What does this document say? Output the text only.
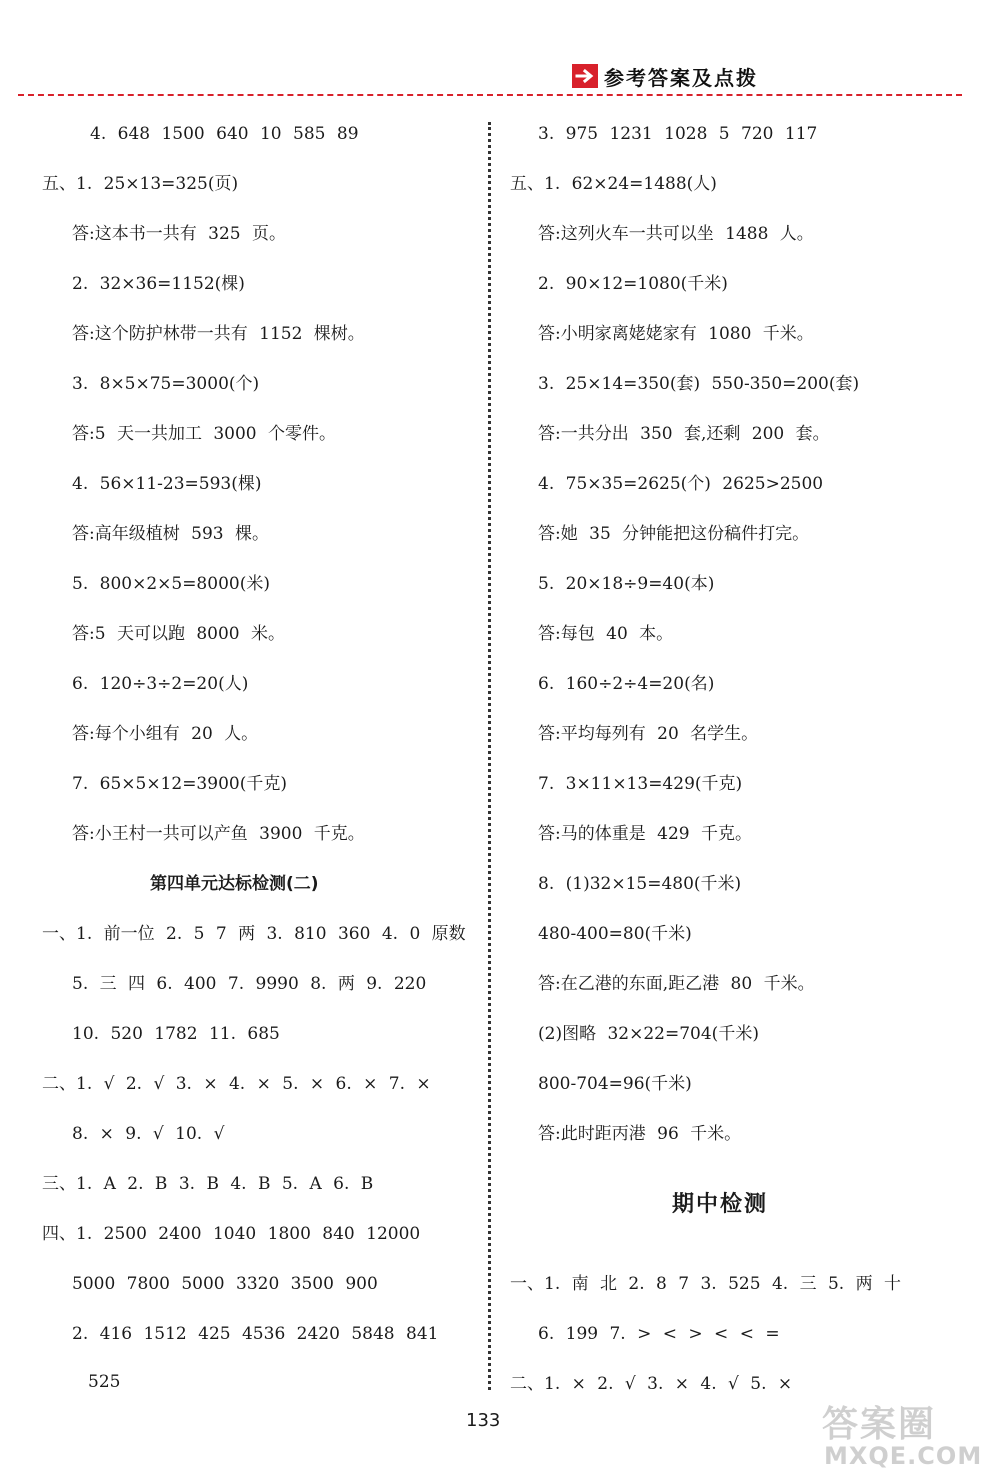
参考答案及点拨
4. 648 1500 640 10 585 89
五、1. 25×13=325(页)
答:这本书一共有 325 页。
2. 32×36=1152(棵)
答:这个防护林带一共有 1152 棵树。
3. 8×5×75=3000(个)
答:5 天一共加工 3000 个零件。
4. 56×11-23=593(棵)
答:高年级植树 593 棵。
5. 800×2×5=8000(米)
答:5 天可以跑 8000 米。
6. 120÷3÷2=20(人)
答:每个小组有 20 人。
7. 65×5×12=3900(千克)
答:小王村一共可以产鱼 3900 千克。
第四单元达标检测(二)
一、1. 前一位 2. 5 7 两 3. 810 360 4. 0 原数
5. 三 四 6. 400 7. 9990 8. 两 9. 220
10. 520 1782 11. 685
二、1. √ 2. √ 3. × 4. × 5. × 6. × 7. ×
8. × 9. √ 10. √
三、1. A 2. B 3. B 4. B 5. A 6. B
四、1. 2500 2400 1040 1800 840 12000
5000 7800 5000 3320 3500 900
2. 416 1512 425 4536 2420 5848 841
525
3. 975 1231 1028 5 720 117
五、1. 62×24=1488(人)
答:这列火车一共可以坐 1488 人。
2. 90×12=1080(千米)
答:小明家离姥姥家有 1080 千米。
3. 25×14=350(套) 550-350=200(套)
答:一共分出 350 套,还剩 200 套。
4. 75×35=2625(个) 2625>2500
答:她 35 分钟能把这份稿件打完。
5. 20×18÷9=40(本)
答:每包 40 本。
6. 160÷2÷4=20(名)
答:平均每列有 20 名学生。
7. 3×11×13=429(千克)
答:马的体重是 429 千克。
8. (1)32×15=480(千米)
480-400=80(千米)
答:在乙港的东面,距乙港 80 千米。
(2)图略 32×22=704(千米)
800-704=96(千米)
答:此时距丙港 96 千米。
期中检测
一、1. 南 北 2. 8 7 3. 525 4. 三 5. 两 十
6. 199 7. > < > < < =
二、1. × 2. √ 3. × 4. √ 5. ×
133	答案圈
MXQE.COM
